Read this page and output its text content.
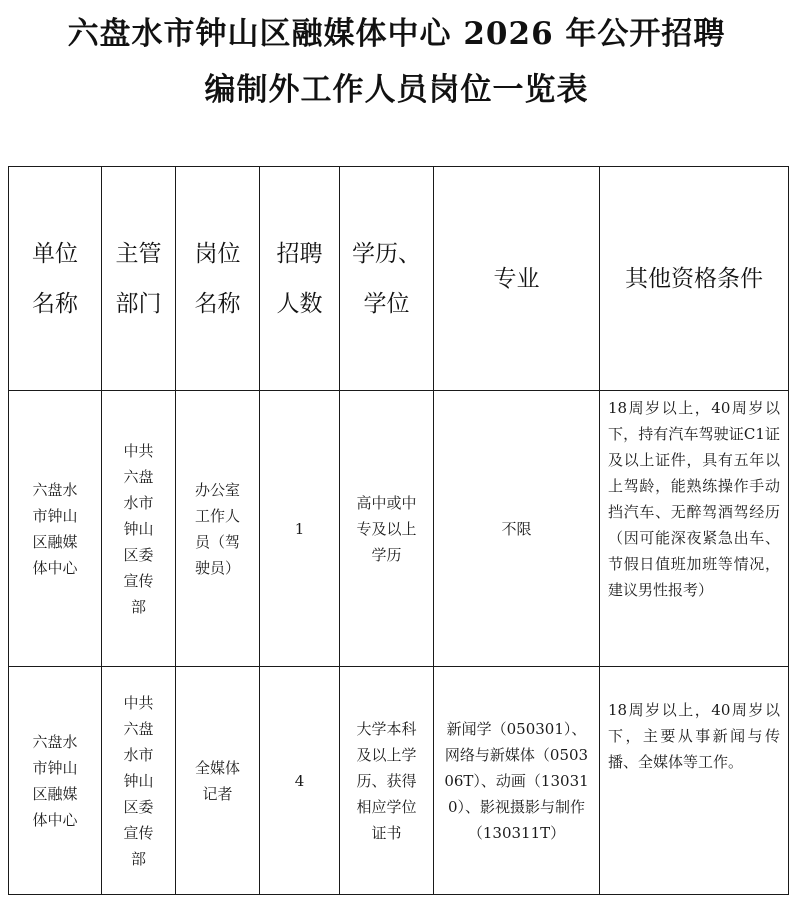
六盘水市钟山区融媒体中心 2026 年公开招聘
编制外工作人员岗位一览表
单位名称	主管部门	岗位名称	招聘人数	学历、学位	专业	其他资格条件

六盘水市钟山区融媒体中心	中共六盘水市钟山区委宣传部	办公室工作人员（驾驶员）	1	高中或中专及以上学历	不限	18周岁以上，40周岁以下，持有汽车驾驶证C1证及以上证件，具有五年以上驾龄，能熟练操作手动挡汽车、无醉驾酒驾经历（因可能深夜紧急出车、节假日值班加班等情况，建议男性报考）

六盘水市钟山区融媒体中心	中共六盘水市钟山区委宣传部	全媒体记者	4	大学本科及以上学历、获得相应学位证书	新闻学（050301）、网络与新媒体（050306T）、动画（130310）、影视摄影与制作（130311T）	18周岁以上，40周岁以下，主要从事新闻与传播、全媒体等工作。
